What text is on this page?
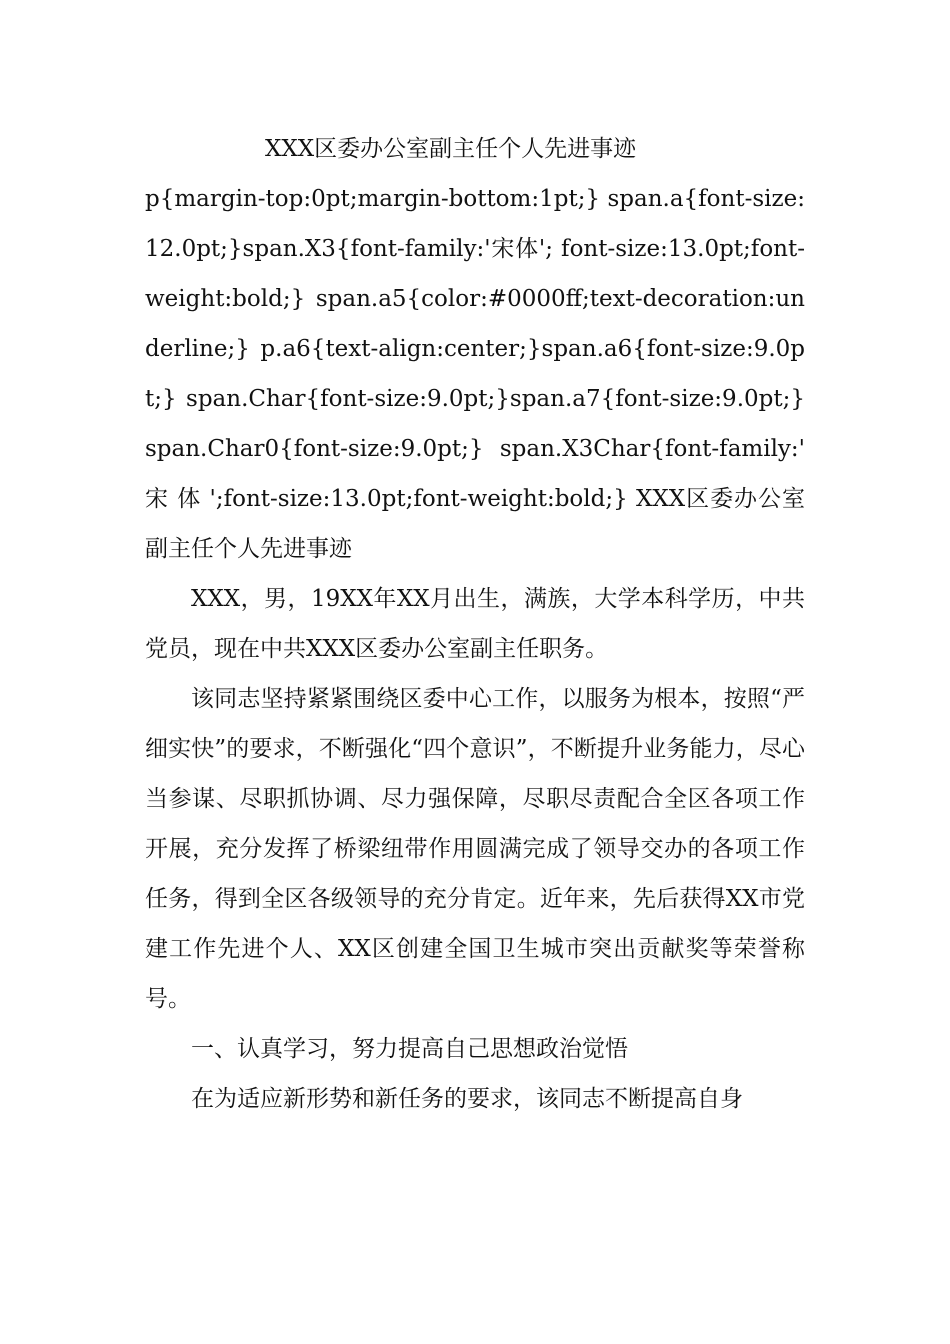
XXX区委办公室副主任个人先进事迹

p{margin-top:0pt;margin-bottom:1pt;} span.a{font-size:12.0pt;}span.X3{font-family:'宋体'; font-size:13.0pt;font-weight:bold;} span.a5{color:#0000ff;text-decoration:underline;} p.a6{text-align:center;}span.a6{font-size:9.0pt;} span.Char{font-size:9.0pt;}span.a7{font-size:9.0pt;}span.Char0{font-size:9.0pt;} span.X3Char{font-family:' 宋 体 ';font-size:13.0pt;font-weight:bold;} XXX区委办公室副主任个人先进事迹

XXX，男，19XX年XX月出生，满族，大学本科学历，中共党员，现在中共XXX区委办公室副主任职务。

该同志坚持紧紧围绕区委中心工作，以服务为根本，按照“严细实快”的要求，不断强化“四个意识”，不断提升业务能力，尽心当参谋、尽职抓协调、尽力强保障，尽职尽责配合全区各项工作开展，充分发挥了桥梁纽带作用圆满完成了领导交办的各项工作任务，得到全区各级领导的充分肯定。近年来，先后获得XX市党建工作先进个人、XX区创建全国卫生城市突出贡献奖等荣誉称号。

一、认真学习，努力提高自己思想政治觉悟

在为适应新形势和新任务的要求，该同志不断提高自身
